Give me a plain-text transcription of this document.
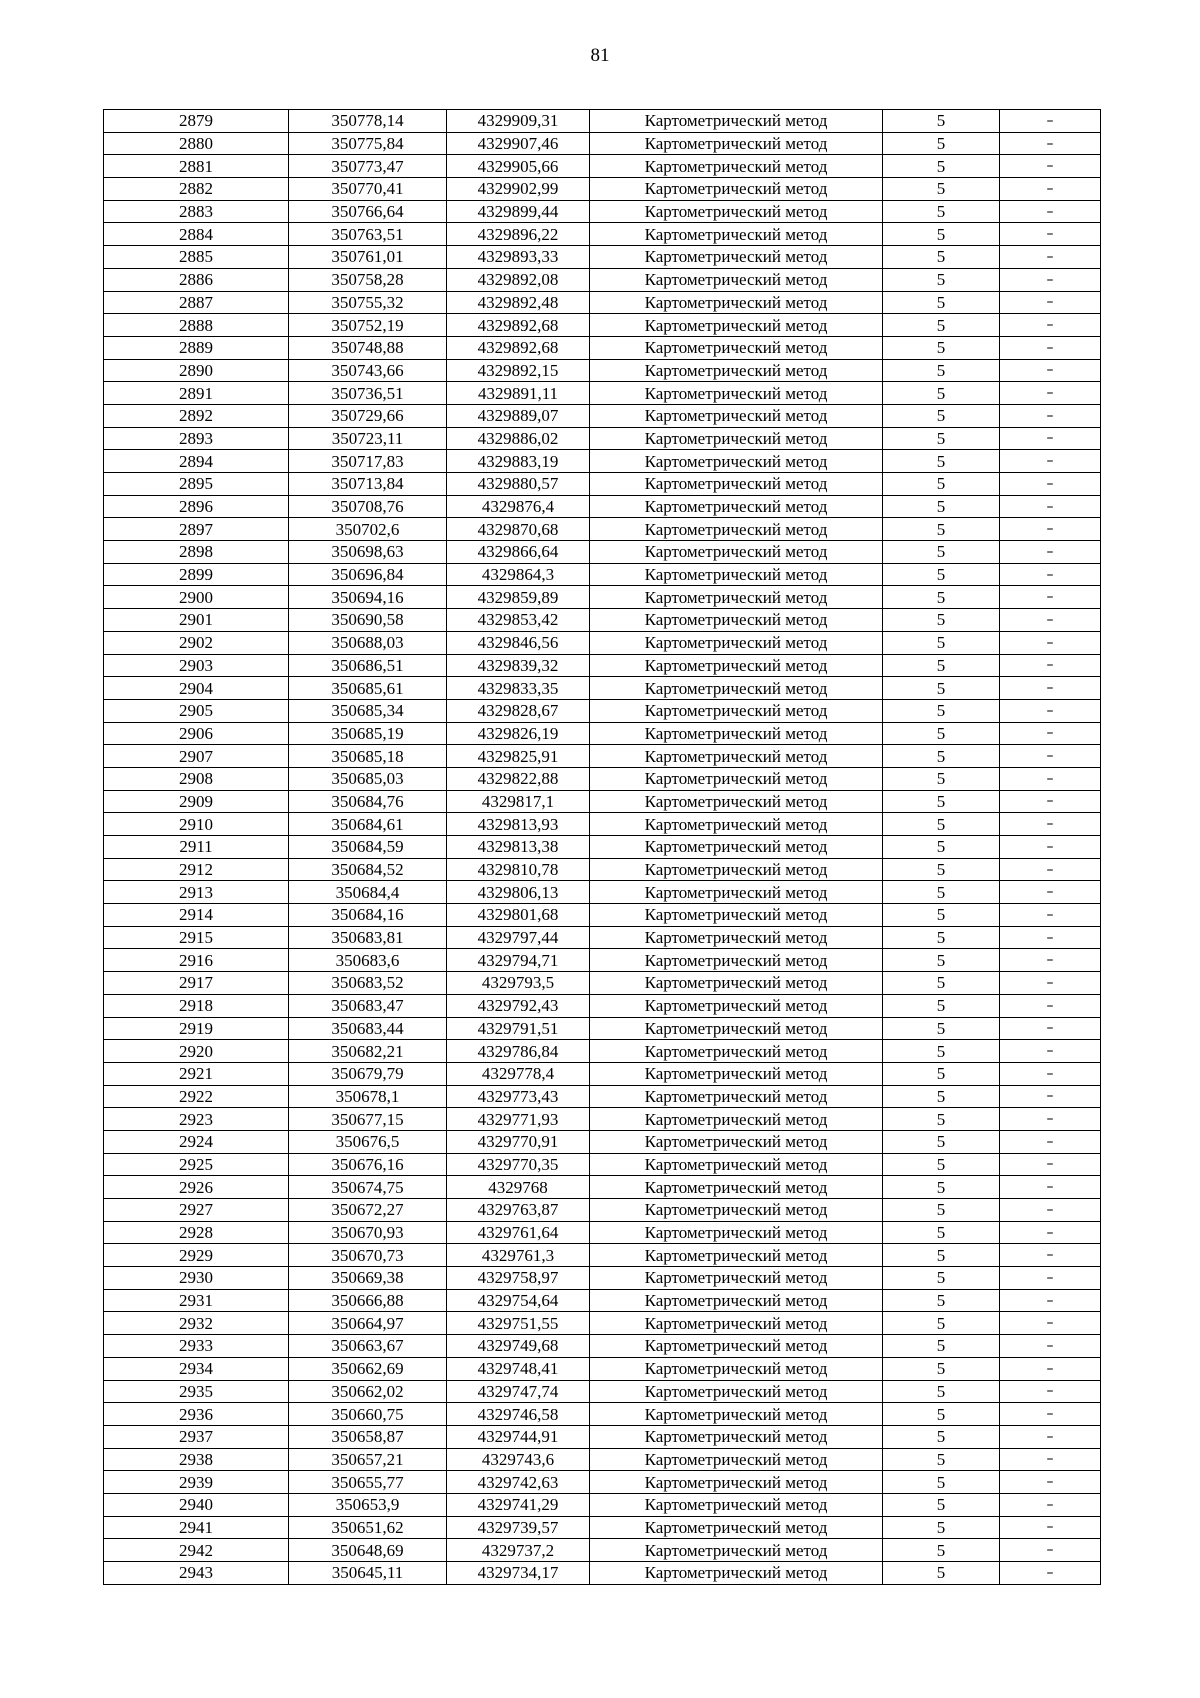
81
2879	350778,14	4329909,31	Картометрический метод	5	–
2880	350775,84	4329907,46	Картометрический метод	5	–
2881	350773,47	4329905,66	Картометрический метод	5	–
2882	350770,41	4329902,99	Картометрический метод	5	–
2883	350766,64	4329899,44	Картометрический метод	5	–
2884	350763,51	4329896,22	Картометрический метод	5	–
2885	350761,01	4329893,33	Картометрический метод	5	–
2886	350758,28	4329892,08	Картометрический метод	5	–
2887	350755,32	4329892,48	Картометрический метод	5	–
2888	350752,19	4329892,68	Картометрический метод	5	–
2889	350748,88	4329892,68	Картометрический метод	5	–
2890	350743,66	4329892,15	Картометрический метод	5	–
2891	350736,51	4329891,11	Картометрический метод	5	–
2892	350729,66	4329889,07	Картометрический метод	5	–
2893	350723,11	4329886,02	Картометрический метод	5	–
2894	350717,83	4329883,19	Картометрический метод	5	–
2895	350713,84	4329880,57	Картометрический метод	5	–
2896	350708,76	4329876,4	Картометрический метод	5	–
2897	350702,6	4329870,68	Картометрический метод	5	–
2898	350698,63	4329866,64	Картометрический метод	5	–
2899	350696,84	4329864,3	Картометрический метод	5	–
2900	350694,16	4329859,89	Картометрический метод	5	–
2901	350690,58	4329853,42	Картометрический метод	5	–
2902	350688,03	4329846,56	Картометрический метод	5	–
2903	350686,51	4329839,32	Картометрический метод	5	–
2904	350685,61	4329833,35	Картометрический метод	5	–
2905	350685,34	4329828,67	Картометрический метод	5	–
2906	350685,19	4329826,19	Картометрический метод	5	–
2907	350685,18	4329825,91	Картометрический метод	5	–
2908	350685,03	4329822,88	Картометрический метод	5	–
2909	350684,76	4329817,1	Картометрический метод	5	–
2910	350684,61	4329813,93	Картометрический метод	5	–
2911	350684,59	4329813,38	Картометрический метод	5	–
2912	350684,52	4329810,78	Картометрический метод	5	–
2913	350684,4	4329806,13	Картометрический метод	5	–
2914	350684,16	4329801,68	Картометрический метод	5	–
2915	350683,81	4329797,44	Картометрический метод	5	–
2916	350683,6	4329794,71	Картометрический метод	5	–
2917	350683,52	4329793,5	Картометрический метод	5	–
2918	350683,47	4329792,43	Картометрический метод	5	–
2919	350683,44	4329791,51	Картометрический метод	5	–
2920	350682,21	4329786,84	Картометрический метод	5	–
2921	350679,79	4329778,4	Картометрический метод	5	–
2922	350678,1	4329773,43	Картометрический метод	5	–
2923	350677,15	4329771,93	Картометрический метод	5	–
2924	350676,5	4329770,91	Картометрический метод	5	–
2925	350676,16	4329770,35	Картометрический метод	5	–
2926	350674,75	4329768	Картометрический метод	5	–
2927	350672,27	4329763,87	Картометрический метод	5	–
2928	350670,93	4329761,64	Картометрический метод	5	–
2929	350670,73	4329761,3	Картометрический метод	5	–
2930	350669,38	4329758,97	Картометрический метод	5	–
2931	350666,88	4329754,64	Картометрический метод	5	–
2932	350664,97	4329751,55	Картометрический метод	5	–
2933	350663,67	4329749,68	Картометрический метод	5	–
2934	350662,69	4329748,41	Картометрический метод	5	–
2935	350662,02	4329747,74	Картометрический метод	5	–
2936	350660,75	4329746,58	Картометрический метод	5	–
2937	350658,87	4329744,91	Картометрический метод	5	–
2938	350657,21	4329743,6	Картометрический метод	5	–
2939	350655,77	4329742,63	Картометрический метод	5	–
2940	350653,9	4329741,29	Картометрический метод	5	–
2941	350651,62	4329739,57	Картометрический метод	5	–
2942	350648,69	4329737,2	Картометрический метод	5	–
2943	350645,11	4329734,17	Картометрический метод	5	–
